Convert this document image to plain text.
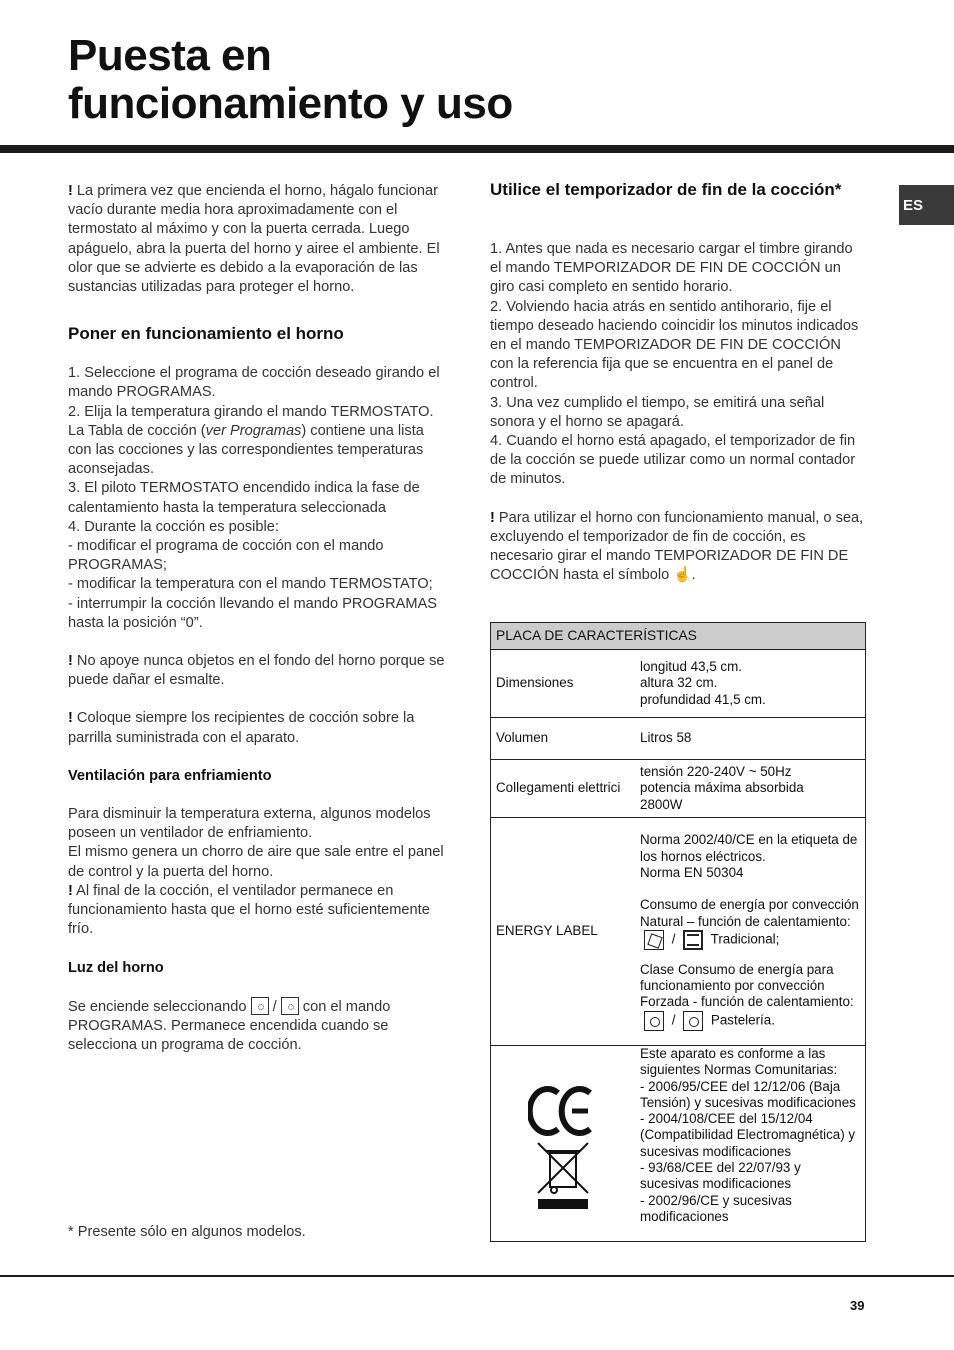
Puesta en
funcionamiento y uso
ES

! La primera vez que encienda el horno, hágalo funcionar vacío durante media hora aproximadamente con el termostato al máximo y con la puerta cerrada. Luego apáguelo, abra la puerta del horno y airee el ambiente. El olor que se advierte es debido a la evaporación de las sustancias utilizadas para proteger el horno.

Poner en funcionamiento el horno

1. Seleccione el programa de cocción deseado girando el mando PROGRAMAS.

2. Elija la temperatura girando el mando TERMOSTATO. La Tabla de cocción (ver Programas) contiene una lista con las cocciones y las correspondientes temperaturas aconsejadas.

3. El piloto TERMOSTATO encendido indica la fase de calentamiento hasta la temperatura seleccionada

4. Durante la cocción es posible:

- modificar el programa de cocción con el mando PROGRAMAS;

- modificar la temperatura con el mando TERMOSTATO;

- interrumpir la cocción llevando el mando PROGRAMAS hasta la posición “0”.

! No apoye nunca objetos en el fondo del horno porque se puede dañar el esmalte.

! Coloque siempre los recipientes de cocción sobre la parrilla suministrada con el aparato.

Ventilación para enfriamiento

Para disminuir la temperatura externa, algunos modelos poseen un ventilador de enfriamiento.

El mismo genera un chorro de aire que sale entre el panel de control y la puerta del horno.

! Al final de la cocción, el ventilador permanece en funcionamiento hasta que el horno esté suficientemente frío.

Luz del horno

Se enciende seleccionando  /  con el mando PROGRAMAS. Permanece encendida cuando se selecciona un programa de cocción.

Utilice el temporizador de fin de la cocción*

1. Antes que nada es necesario cargar el timbre girando el mando TEMPORIZADOR DE FIN DE COCCIÓN un giro casi completo en sentido horario.

2. Volviendo hacia atrás en sentido antihorario, fije el tiempo deseado haciendo coincidir los minutos indicados en el mando TEMPORIZADOR DE FIN DE COCCIÓN con la referencia fija que se encuentra en el panel de control.

3. Una vez cumplido el tiempo, se emitirá una señal sonora y el horno se apagará.

4. Cuando el horno está apagado, el temporizador de fin de la cocción se puede utilizar como un normal contador de minutos.

! Para utilizar el horno con funcionamiento manual, o sea, excluyendo el temporizador de fin de cocción, es necesario girar el mando TEMPORIZADOR DE FIN DE COCCIÓN hasta el símbolo ☝.

PLACA DE CARACTERÍSTICAS	
Dimensiones	longitud 43,5 cm.
altura 32 cm.
profundidad 41,5 cm.

Volumen	Litros 58
Collegamenti elettrici	tensión 220-240V ~ 50Hz
potencia máxima absorbida
2800W

ENERGY LABEL	Norma 2002/40/CE en la etiqueta de los hornos eléctricos.
Norma EN 50304
Consumo de energía por convección Natural – función de calentamiento:  /  Tradicional;
Clase Consumo de energía para funcionamiento por convección Forzada - función de calentamiento:  /  Pastelería.

Este aparato es conforme a las siguientes Normas Comunitarias:
- 2006/95/CEE del 12/12/06 (Baja Tensión) y sucesivas modificaciones
- 2004/108/CEE del 15/12/04 (Compatibilidad Electromagnética) y sucesivas modificaciones
- 93/68/CEE del 22/07/93 y sucesivas modificaciones
- 2002/96/CE y sucesivas modificaciones
* Presente sólo en algunos modelos.
39
